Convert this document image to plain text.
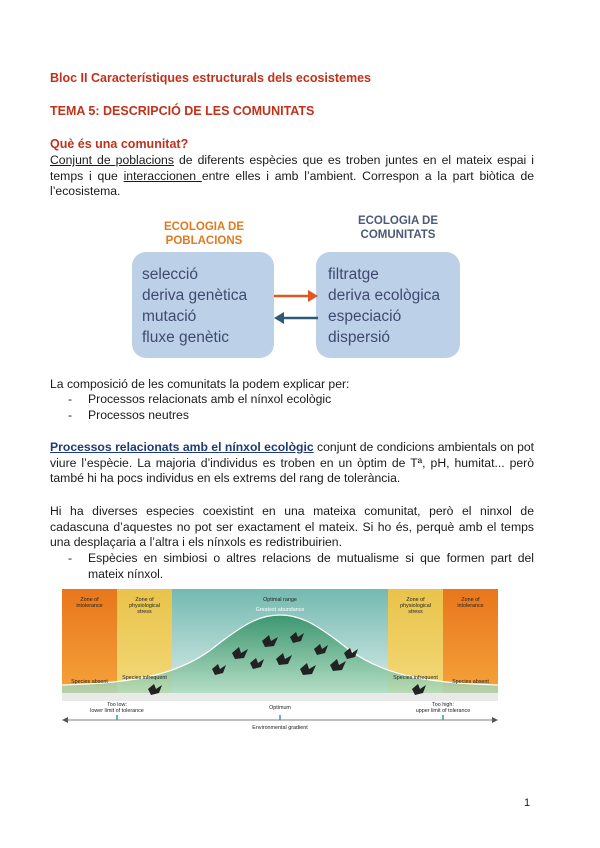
Bloc II Característiques estructurals dels ecosistemes
TEMA 5: DESCRIPCIÓ DE LES COMUNITATS
Què és una comunitat?
Conjunt de poblacions de diferents espècies que es troben juntes en el mateix espai i temps i que interaccionen entre elles i amb l’ambient. Correspon a la part biòtica de l’ecosistema.
ECOLOGIA DE
POBLACIONS
ECOLOGIA DE
COMUNITATS
selecció
deriva genètica
mutació
fluxe genètic
filtratge
deriva ecològica
especiació
dispersió
La composició de les comunitats la podem explicar per:
- Processos relacionats amb el nínxol ecològic
- Processos neutres
Processos relacionats amb el nínxol ecològic conjunt de condicions ambientals on pot viure l’espècie. La majoria d’individus es troben en un òptim de Tª, pH, humitat... però també hi ha pocs individus en els extrems del rang de tolerància.
Hi ha diverses especies coexistint en una mateixa comunitat, però el ninxol de cadascuna d’aquestes no pot ser exactament el mateix. Si ho és, perquè amb el temps una desplaçaria a l’altra i els nínxols es redistribuirien.
- Espècies en simbiosi o altres relacions de mutualisme si que formen part del mateix nínxol.
Zone of
intolerance
Zone of
physiological
stress
Optimal range
Greatest abundance
Zone of
physiological
stress
Zone of
intolerance
Species absent
Species infrequent	Species infrequent
Species absent
Too low:
lower limit of tolerance
Optimum	Too high:
upper limit of tolerance
Environmental gradient
1
